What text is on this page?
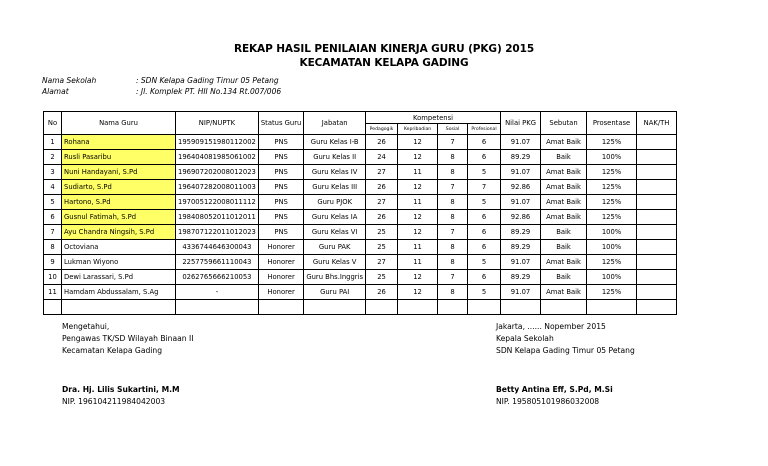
REKAP HASIL PENILAIAN KINERJA GURU (PKG) 2015
KECAMATAN KELAPA GADING
Nama Sekolah	: SDN Kelapa Gading Timur 05 Petang
Alamat	: Jl. Komplek PT. HII No.134 Rt.007/006
No	Nama Guru	NIP/NUPTK	Status Guru	Jabatan	Kompetensi				Nilai PKG	Sebutan	Prosentase	NAK/TH
					Pedagogik	Kepribadian	Sosial	Profesional				
1	Rohana	195909151980112002	PNS	Guru Kelas I-B	26	12	7	6	91.07	Amat Baik	125%	
2	Rusli Pasaribu	196404081985061002	PNS	Guru Kelas II	24	12	8	6	89.29	Baik	100%	
3	Nuni Handayani, S.Pd	196907202008012023	PNS	Guru Kelas IV	27	11	8	5	91.07	Amat Baik	125%	
4	Sudiarto, S.Pd	196407282008011003	PNS	Guru Kelas III	26	12	7	7	92.86	Amat Baik	125%	
5	Hartono, S.Pd	197005122008011112	PNS	Guru PJOK	27	11	8	5	91.07	Amat Baik	125%	
6	Gusnul Fatimah, S.Pd	198408052011012011	PNS	Guru Kelas IA	26	12	8	6	92.86	Amat Baik	125%	
7	Ayu Chandra Ningsih, S.Pd	198707122011012023	PNS	Guru Kelas VI	25	12	7	6	89.29	Baik	100%	
8	Octoviana	4336744646300043	Honorer	Guru PAK	25	11	8	6	89.29	Baik	100%	
9	Lukman Wiyono	2257759661110043	Honorer	Guru Kelas V	27	11	8	5	91.07	Amat Baik	125%	
10	Dewi Larassari, S.Pd	0262765666210053	Honorer	Guru Bhs.Inggris	25	12	7	6	89.29	Baik	100%	
11	Hamdam Abdussalam, S.Ag	-	Honorer	Guru PAI	26	12	8	5	91.07	Amat Baik	125%	

Mengetahui,
Pengawas TK/SD Wilayah Binaan II
Kecamatan Kelapa Gading
Dra. Hj. Lilis Sukartini, M.M
NIP. 196104211984042003
Jakarta, ...... Nopember 2015
Kepala Sekolah
SDN Kelapa Gading Timur 05 Petang
Betty Antina Eff, S.Pd, M.Si
NIP. 195805101986032008
